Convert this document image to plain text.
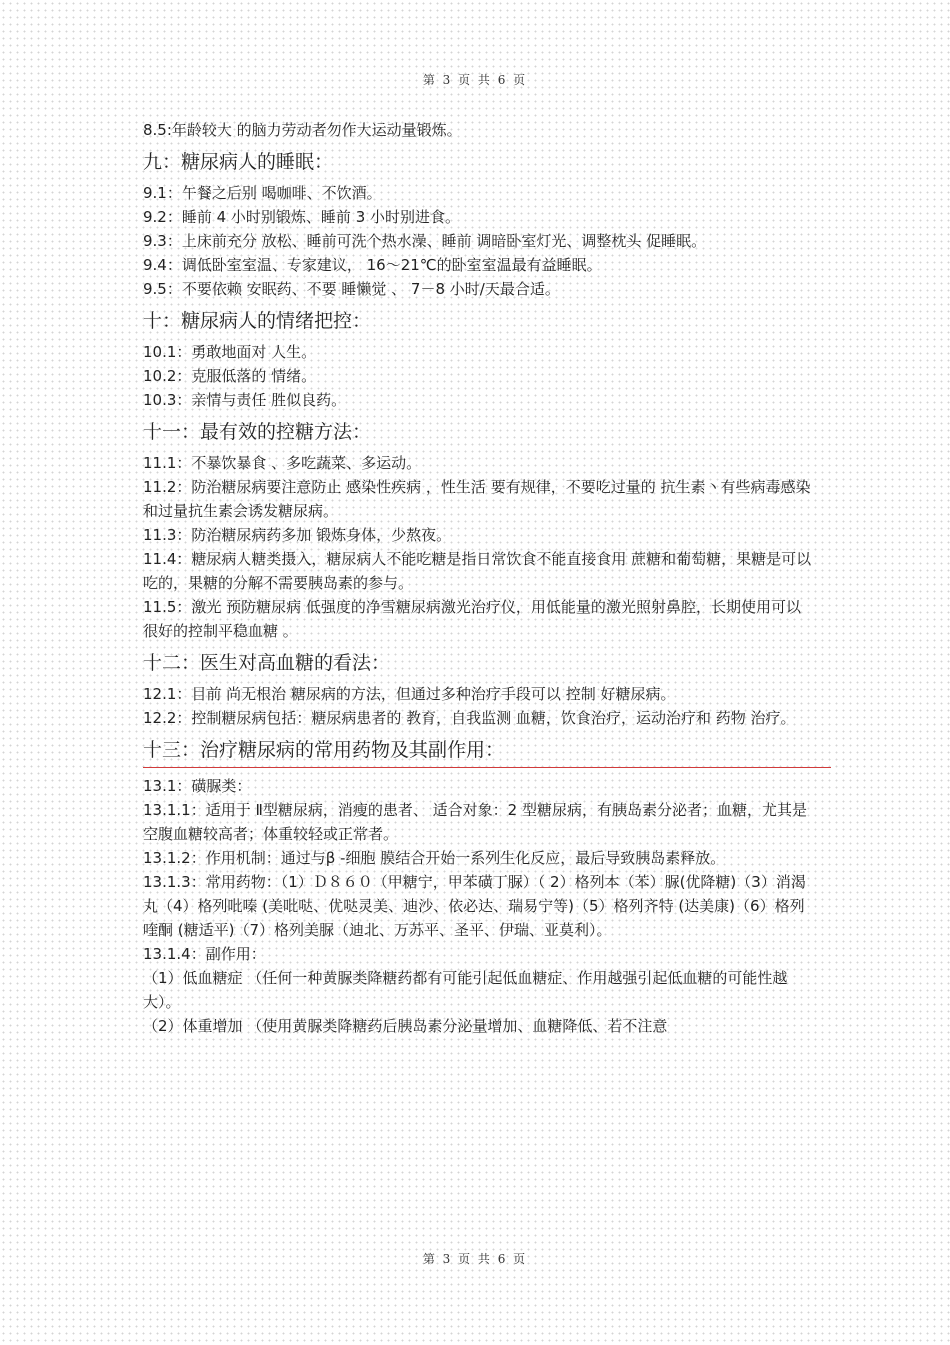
第 3 页 共 6 页
8.5:年龄较大 的脑力劳动者勿作大运动量锻炼。
九：糖尿病人的睡眠：
9.1：午餐之后别 喝咖啡、不饮酒。
9.2：睡前 4 小时别锻炼、睡前 3 小时别进食。
9.3：上床前充分 放松、睡前可洗个热水澡、睡前 调暗卧室灯光、调整枕头 促睡眠。
9.4：调低卧室室温、专家建议， 16～21℃的卧室室温最有益睡眠。
9.5：不要依赖 安眠药、不要 睡懒觉 、 7－8 小时/天最合适。
十：糖尿病人的情绪把控：
10.1：勇敢地面对 人生。
10.2：克服低落的 情绪。
10.3：亲情与责任 胜似良药。
十一：最有效的控糖方法：
11.1：不暴饮暴食 、多吃蔬菜、多运动。
11.2：防治糖尿病要注意防止 感染性疾病 ，性生活 要有规律，不要吃过量的 抗生素丶有些病毒感染和过量抗生素会诱发糖尿病。
11.3：防治糖尿病药多加 锻炼身体，少熬夜。
11.4：糖尿病人糖类摄入，糖尿病人不能吃糖是指日常饮食不能直接食用 蔗糖和葡萄糖，果糖是可以吃的，果糖的分解不需要胰岛素的参与。
11.5：激光 预防糖尿病 低强度的净雪糖尿病激光治疗仪，用低能量的激光照射鼻腔，长期使用可以很好的控制平稳血糖 。
十二：医生对高血糖的看法：
12.1：目前 尚无根治 糖尿病的方法，但通过多种治疗手段可以 控制 好糖尿病。
12.2：控制糖尿病包括：糖尿病患者的 教育，自我监测 血糖，饮食治疗，运动治疗和 药物 治疗。
十三：治疗糖尿病的常用药物及其副作用：
13.1：磺脲类：
13.1.1：适用于 Ⅱ型糖尿病，消瘦的患者、 适合对象：2 型糖尿病，有胰岛素分泌者；血糖，尤其是空腹血糖较高者；体重较轻或正常者。
13.1.2：作用机制：通过与β -细胞 膜结合开始一系列生化反应，最后导致胰岛素释放。
13.1.3：常用药物：（1）Ｄ８６０（甲糖宁，甲苯磺丁脲）（ 2）格列本（苯）脲(优降糖)（3）消渴丸（4）格列吡嗪 (美吡哒、优哒灵美、迪沙、依必达、瑞易宁等)（5）格列齐特 (达美康)（6）格列喹酮 (糖适平)（7）格列美脲（迪北、万苏平、圣平、伊瑞、亚莫利）。
13.1.4：副作用：
（1）低血糖症 （任何一种黄脲类降糖药都有可能引起低血糖症、作用越强引起低血糖的可能性越大）。
（2）体重增加 （使用黄脲类降糖药后胰岛素分泌量增加、血糖降低、若不注意
第 3 页 共 6 页
